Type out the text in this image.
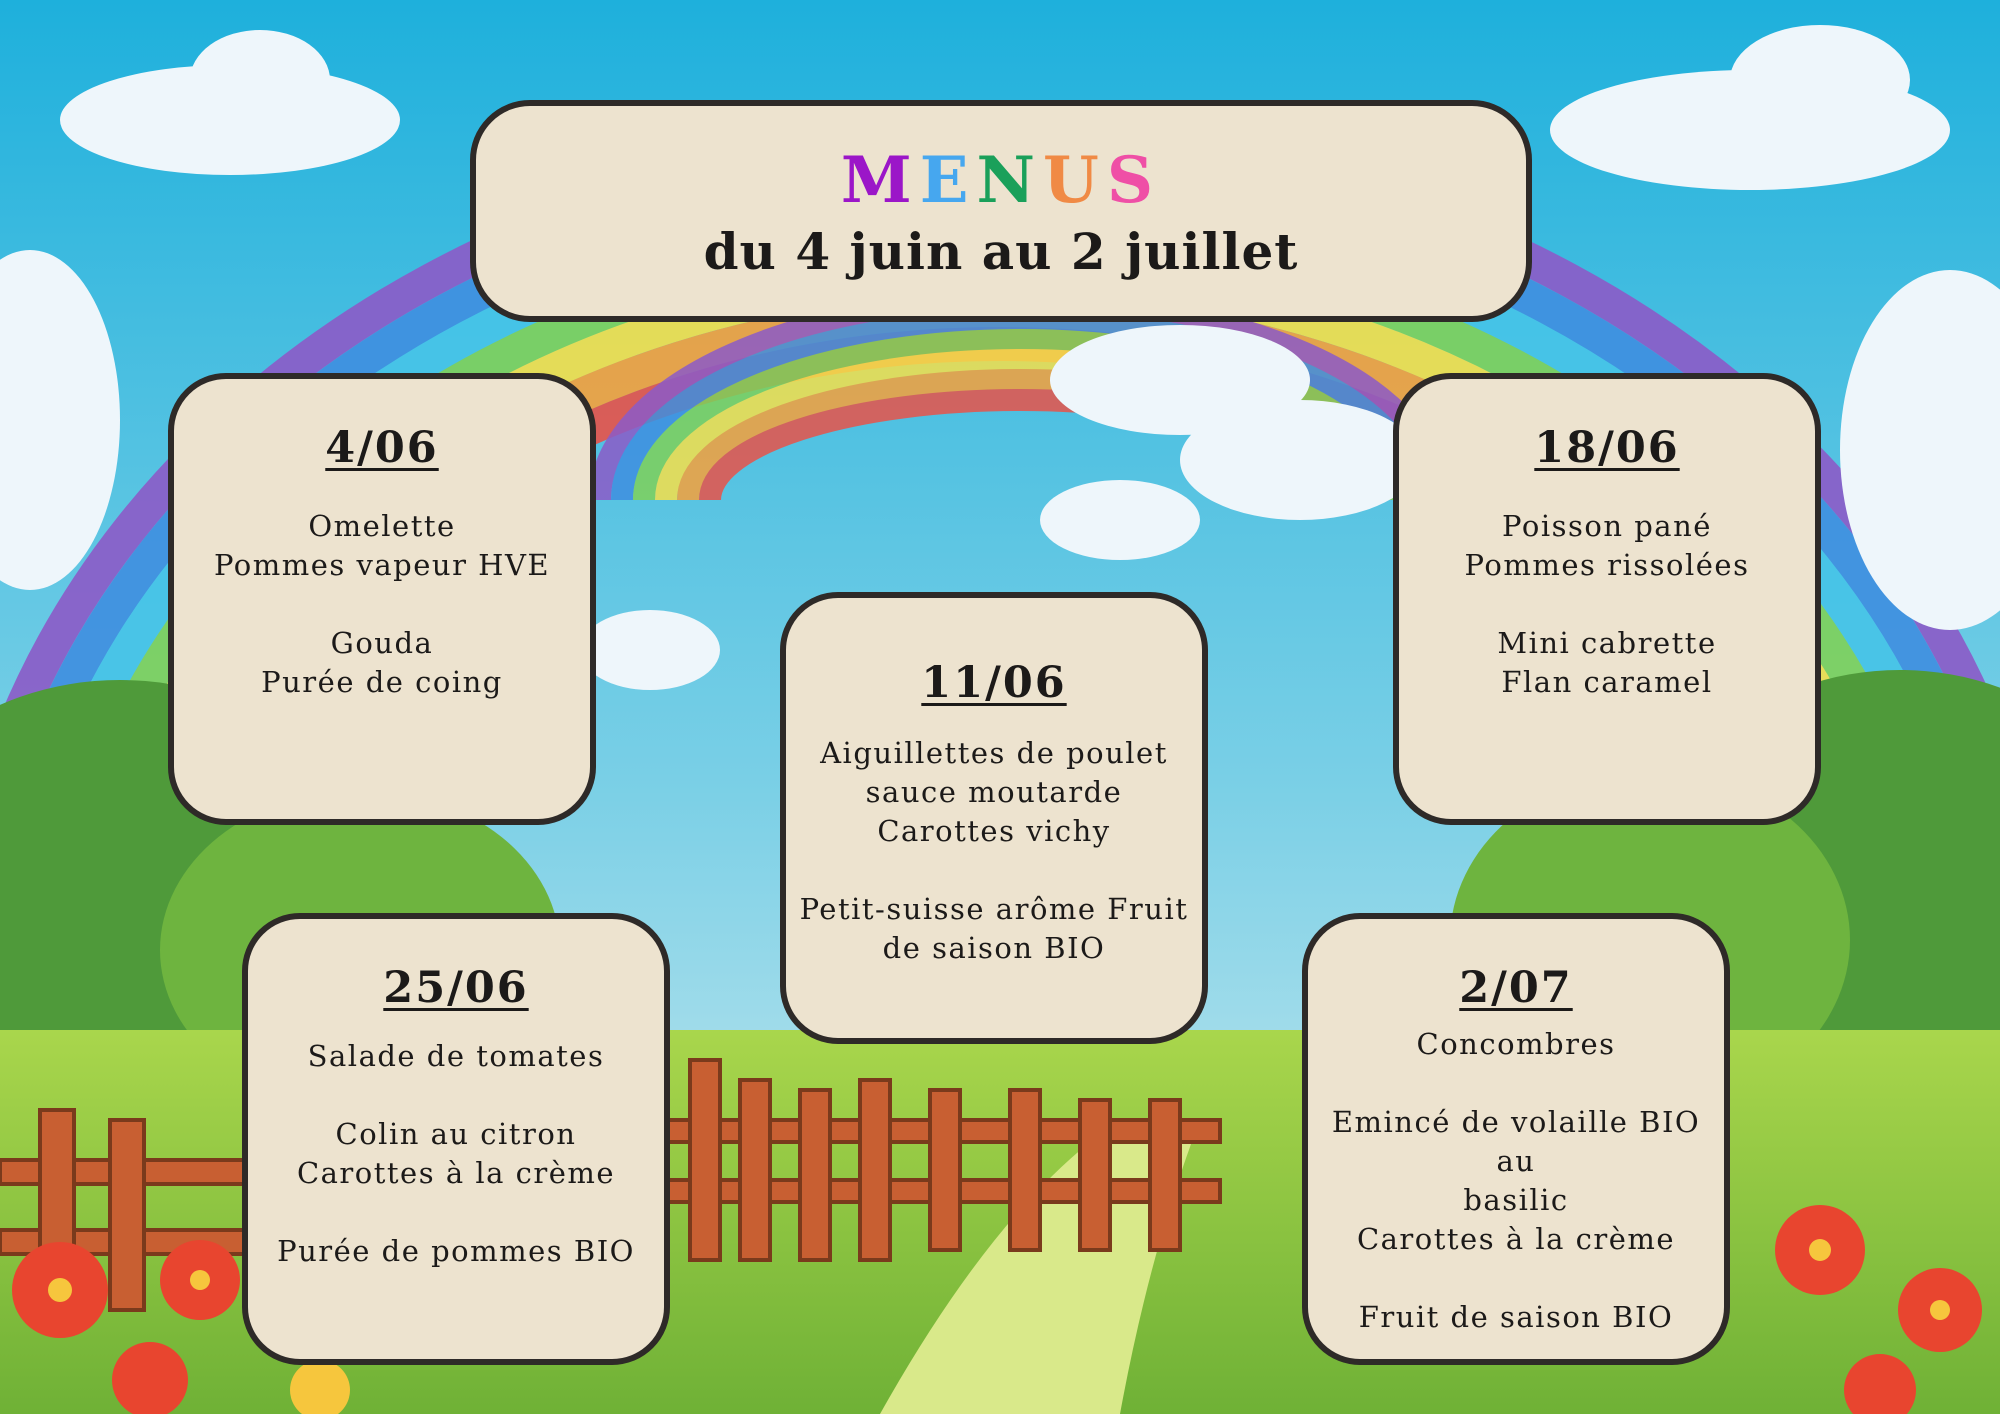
MENUS
du 4 juin au 2 juillet
4/06
Omelette
Pommes vapeur HVE
Gouda
Purée de coing	11/06
Aiguillettes de poulet
sauce moutarde
Carottes vichy
Petit-suisse arôme Fruit
de saison BIO
18/06
Poisson pané
Pommes rissolées
Mini cabrette
Flan caramel
25/06
Salade de tomates
Colin au citron
Carottes à la crème
Purée de pommes BIO
2/07
Concombres
Emincé de volaille BIO au
basilic
Carottes à la crème
Fruit de saison BIO
